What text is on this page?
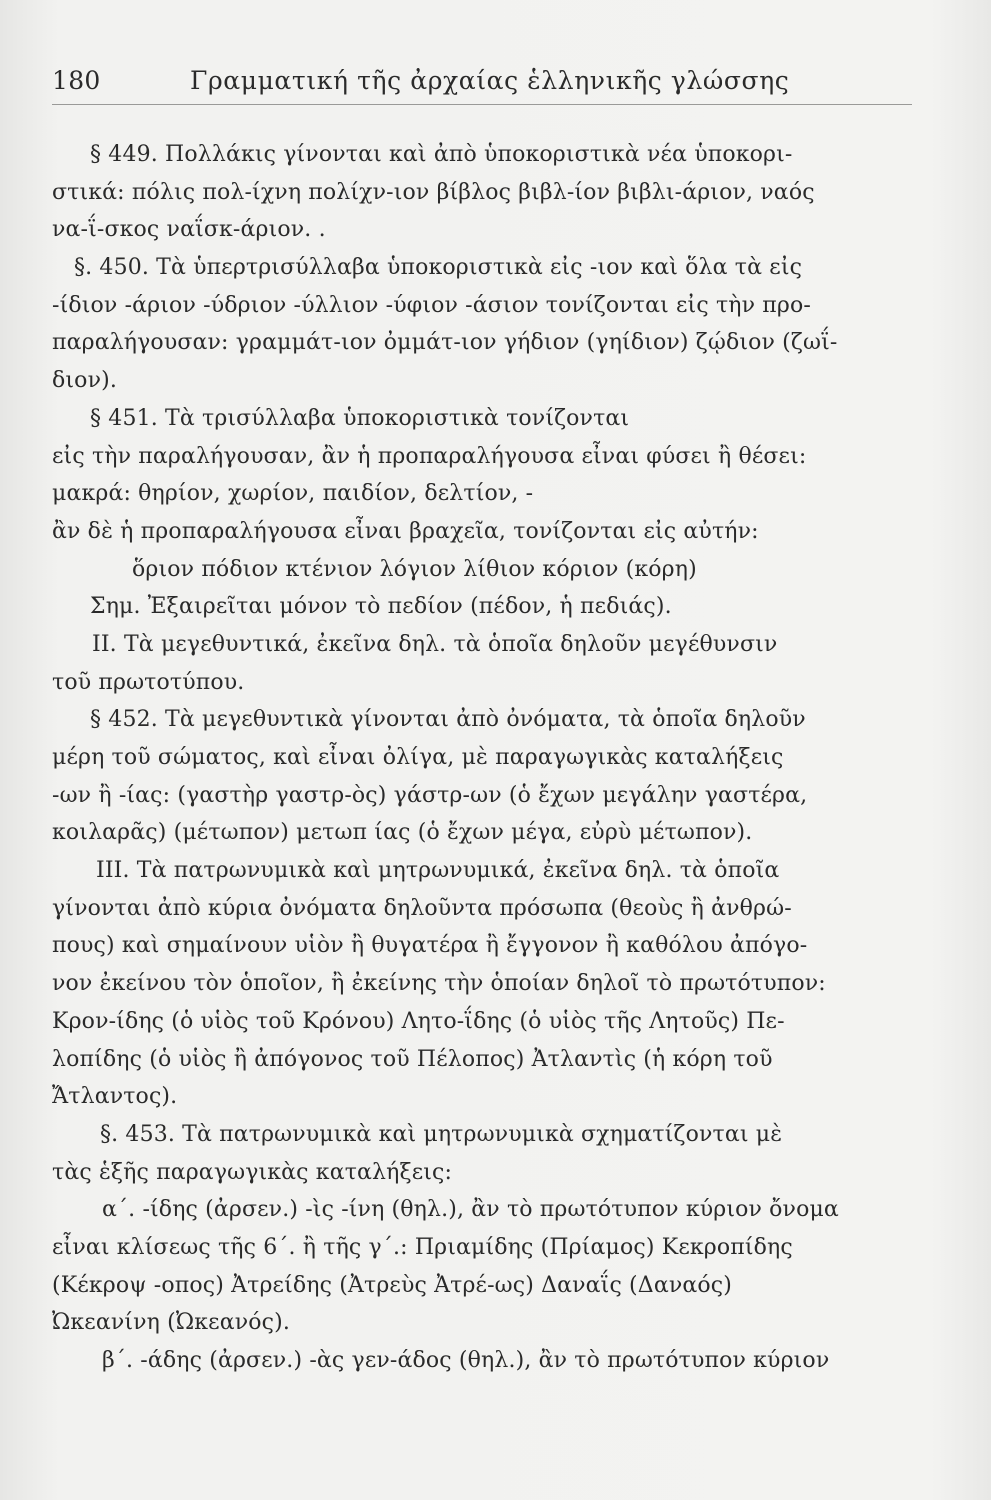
180	Γραμματική τῆς ἀρχαίας ἑλληνικῆς γλώσσης
§ 449. Πολλάκις γίνονται καὶ ἀπὸ ὑποκοριστικὰ νέα ὑποκορι-
στικά: πόλις πολ-ίχνη πολίχν-ιον βίβλος βιβλ-ίον βιβλι-άριον, ναός
να-ΐ-σκος ναΐσκ-άριον. .
§. 450. Τὰ ὑπερτρισύλλαβα ὑποκοριστικὰ εἰς -ιον καὶ ὅλα τὰ εἰς
-ίδιον -άριον -ύδριον -ύλλιον -ύφιον -άσιον τονίζονται εἰς τὴν προ-
παραλήγουσαν: γραμμάτ-ιον ὀμμάτ-ιον γήδιον (γηίδιον) ζῴδιον (ζωΐ-
διον).
§ 451. Τὰ τρισύλλαβα ὑποκοριστικὰ τονίζονται
εἰς τὴν παραλήγουσαν, ἂν ἡ προπαραλήγουσα εἶναι φύσει ἢ θέσει:
μακρά: θηρίον, χωρίον, παιδίον, δελτίον, -
ἂν δὲ ἡ προπαραλήγουσα εἶναι βραχεῖα, τονίζονται εἰς αὐτήν:
ὅριον πόδιον κτένιον λόγιον λίθιον κόριον (κόρη)
Σημ. Ἐξαιρεῖται μόνον τὸ πεδίον (πέδον, ἡ πεδιάς).
II. Τὰ μεγεθυντικά, ἐκεῖνα δηλ. τὰ ὁποῖα δηλοῦν μεγέθυνσιν
τοῦ πρωτοτύπου.
§ 452. Τὰ μεγεθυντικὰ γίνονται ἀπὸ ὀνόματα, τὰ ὁποῖα δηλοῦν
μέρη τοῦ σώματος, καὶ εἶναι ὀλίγα, μὲ παραγωγικὰς καταλήξεις
-ων ἢ -ίας: (γαστὴρ γαστρ-ὸς) γάστρ-ων (ὁ ἔχων μεγάλην γαστέρα,
κοιλαρᾶς) (μέτωπον) μετωπ ίας (ὁ ἔχων μέγα, εὐρὺ μέτωπον).
III. Τὰ πατρωνυμικὰ καὶ μητρωνυμικά, ἐκεῖνα δηλ. τὰ ὁποῖα
γίνονται ἀπὸ κύρια ὀνόματα δηλοῦντα πρόσωπα (θεοὺς ἢ ἀνθρώ-
πους) καὶ σημαίνουν υἱὸν ἢ θυγατέρα ἢ ἔγγονον ἢ καθόλου ἀπόγο-
νον ἐκείνου τὸν ὁποῖον, ἢ ἐκείνης τὴν ὁποίαν δηλοῖ τὸ πρωτότυπον:
Κρον-ίδης (ὁ υἱὸς τοῦ Κρόνου) Λητο-ΐδης (ὁ υἱὸς τῆς Λητοῦς) Πε-
λοπίδης (ὁ υἱὸς ἢ ἀπόγονος τοῦ Πέλοπος) Ἀτλαντὶς (ἡ κόρη τοῦ
Ἄτλαντος).
§. 453. Τὰ πατρωνυμικὰ καὶ μητρωνυμικὰ σχηματίζονται μὲ
τὰς ἑξῆς παραγωγικὰς καταλήξεις:
α΄. -ίδης (ἀρσεν.) -ὶς -ίνη (θηλ.), ἂν τὸ πρωτότυπον κύριον ὄνομα
εἶναι κλίσεως τῆς 6΄. ἢ τῆς γ΄.: Πριαμίδης (Πρίαμος) Κεκροπίδης
(Κέκροψ -οπος) Ἀτρείδης (Ἀτρεὺς Ἀτρέ-ως) Δαναΐς (Δαναός)
Ὠκεανίνη (Ὠκεανός).
β΄. -άδης (ἀρσεν.) -ὰς γεν-άδος (θηλ.), ἂν τὸ πρωτότυπον κύριον
